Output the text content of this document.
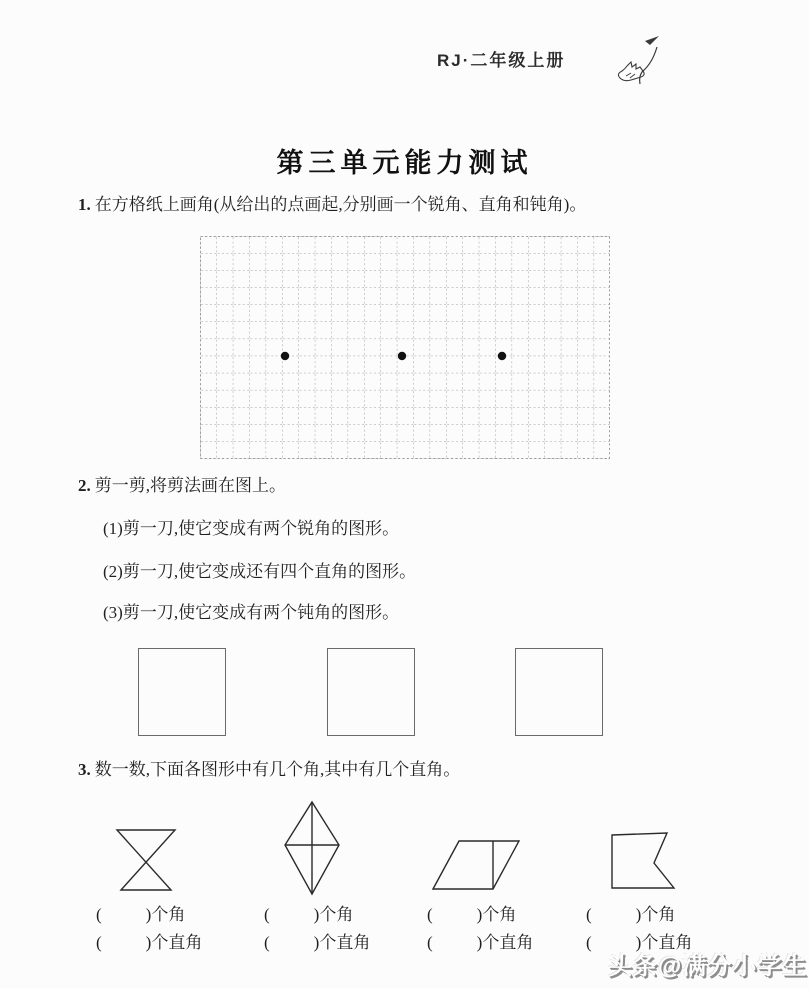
RJ·二年级上册
第三单元能力测试
1. 在方格纸上画角(从给出的点画起,分别画一个锐角、直角和钝角)。
2. 剪一剪,将剪法画在图上。
(1)剪一刀,使它变成有两个锐角的图形。
(2)剪一刀,使它变成还有四个直角的图形。
(3)剪一刀,使它变成有两个钝角的图形。
3. 数一数,下面各图形中有几个角,其中有几个直角。
(	)个角	(	)个角	(	)个角	(	)个角
(	)个直角	(	)个直角	(	)个直角	(	)个直角
头条@满分小学生
